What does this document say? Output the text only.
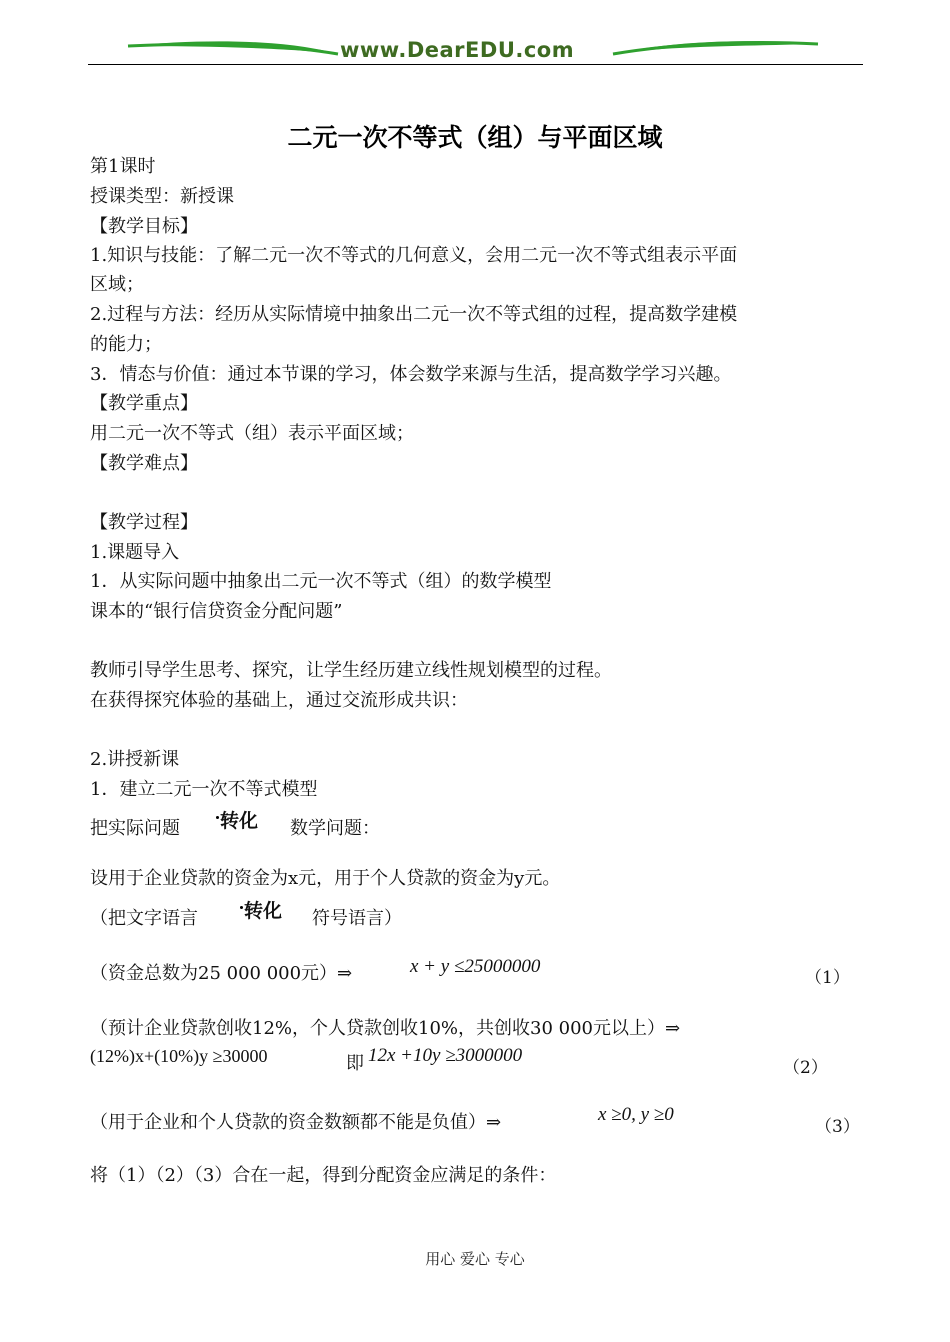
www.DearEDU.com
二元一次不等式（组）与平面区域
第1课时
授课类型：新授课
【教学目标】
1.知识与技能：了解二元一次不等式的几何意义，会用二元一次不等式组表示平面
区域；
2.过程与方法：经历从实际情境中抽象出二元一次不等式组的过程，提高数学建模
的能力；
3．情态与价值：通过本节课的学习，体会数学来源与生活，提高数学学习兴趣。
【教学重点】
用二元一次不等式（组）表示平面区域；
【教学难点】
【教学过程】
1.课题导入
1．从实际问题中抽象出二元一次不等式（组）的数学模型
课本的“银行信贷资金分配问题”
教师引导学生思考、探究，让学生经历建立线性规划模型的过程。
在获得探究体验的基础上，通过交流形成共识：
2.讲授新课
1．建立二元一次不等式模型
把实际问题 转化 数学问题：
设用于企业贷款的资金为x元，用于个人贷款的资金为y元。
（把文字语言 转化 符号语言）
（资金总数为25 000 000元）⇒	x + y ≤25000000
（1）
（预计企业贷款创收12%，个人贷款创收10%，共创收30 000元以上）⇒
(12%)x+(10%)y ≥30000	即 12x +10y ≥3000000
（2）
（用于企业和个人贷款的资金数额都不能是负值）⇒	x ≥0, y ≥0
（3）
将（1）（2）（3）合在一起，得到分配资金应满足的条件：
用心 爱心 专心
